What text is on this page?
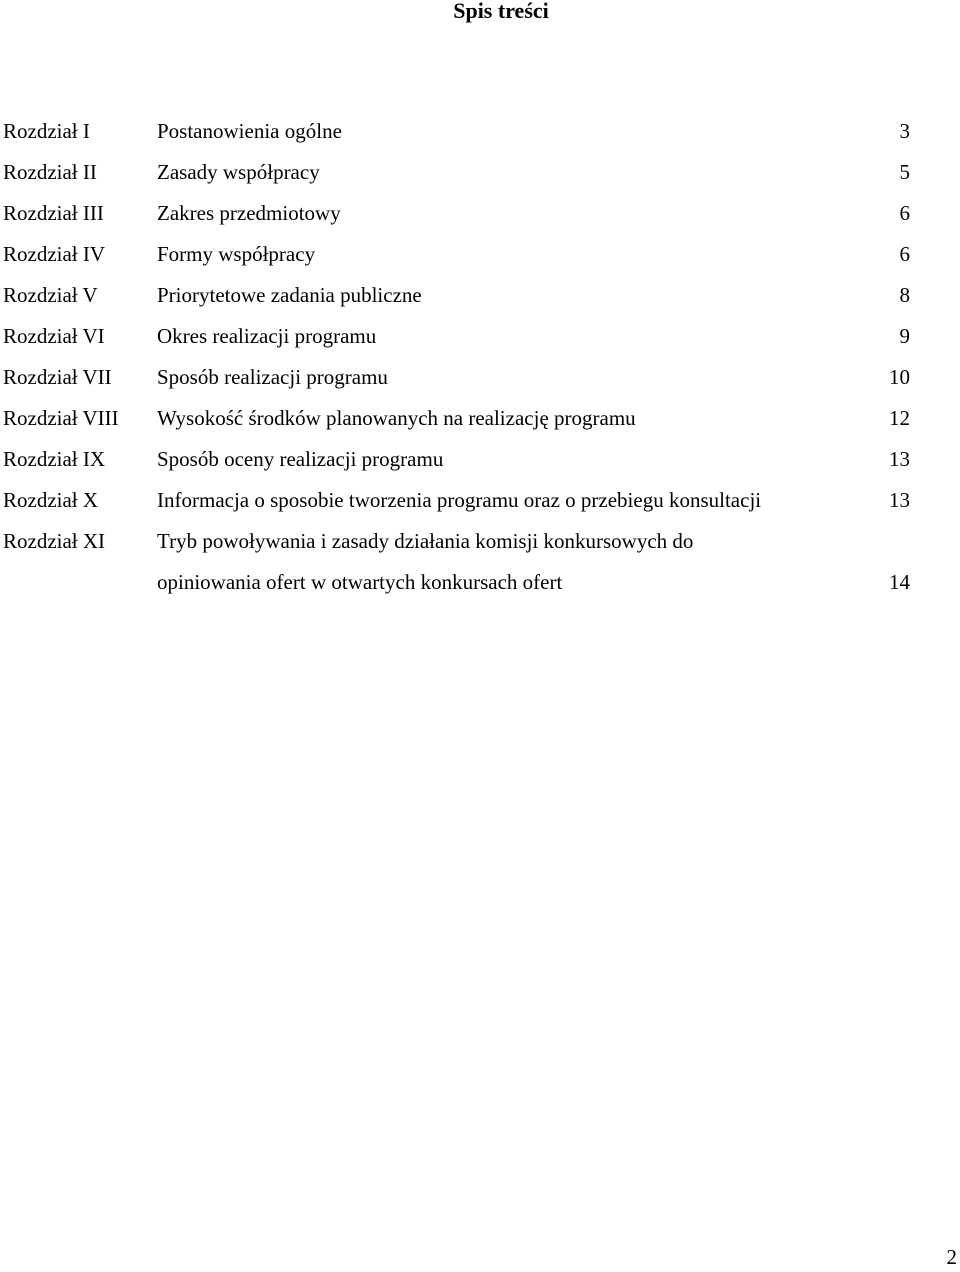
Spis treści
Rozdział I	Postanowienia ogólne	3
Rozdział II	Zasady współpracy	5
Rozdział III	Zakres przedmiotowy	6
Rozdział IV Formy współpracy	6
Rozdział V	Priorytetowe zadania publiczne	8
Rozdział VI Okres realizacji programu	9
Rozdział VII Sposób realizacji programu	10
Rozdział VIII Wysokość środków planowanych na realizację programu	12
Rozdział IX Sposób oceny realizacji programu	13
Rozdział X	Informacja o sposobie tworzenia programu oraz o przebiegu konsultacji	13
Rozdział XI Tryb powoływania i zasady działania komisji konkursowych do
opiniowania ofert w otwartych konkursach ofert	14
2
